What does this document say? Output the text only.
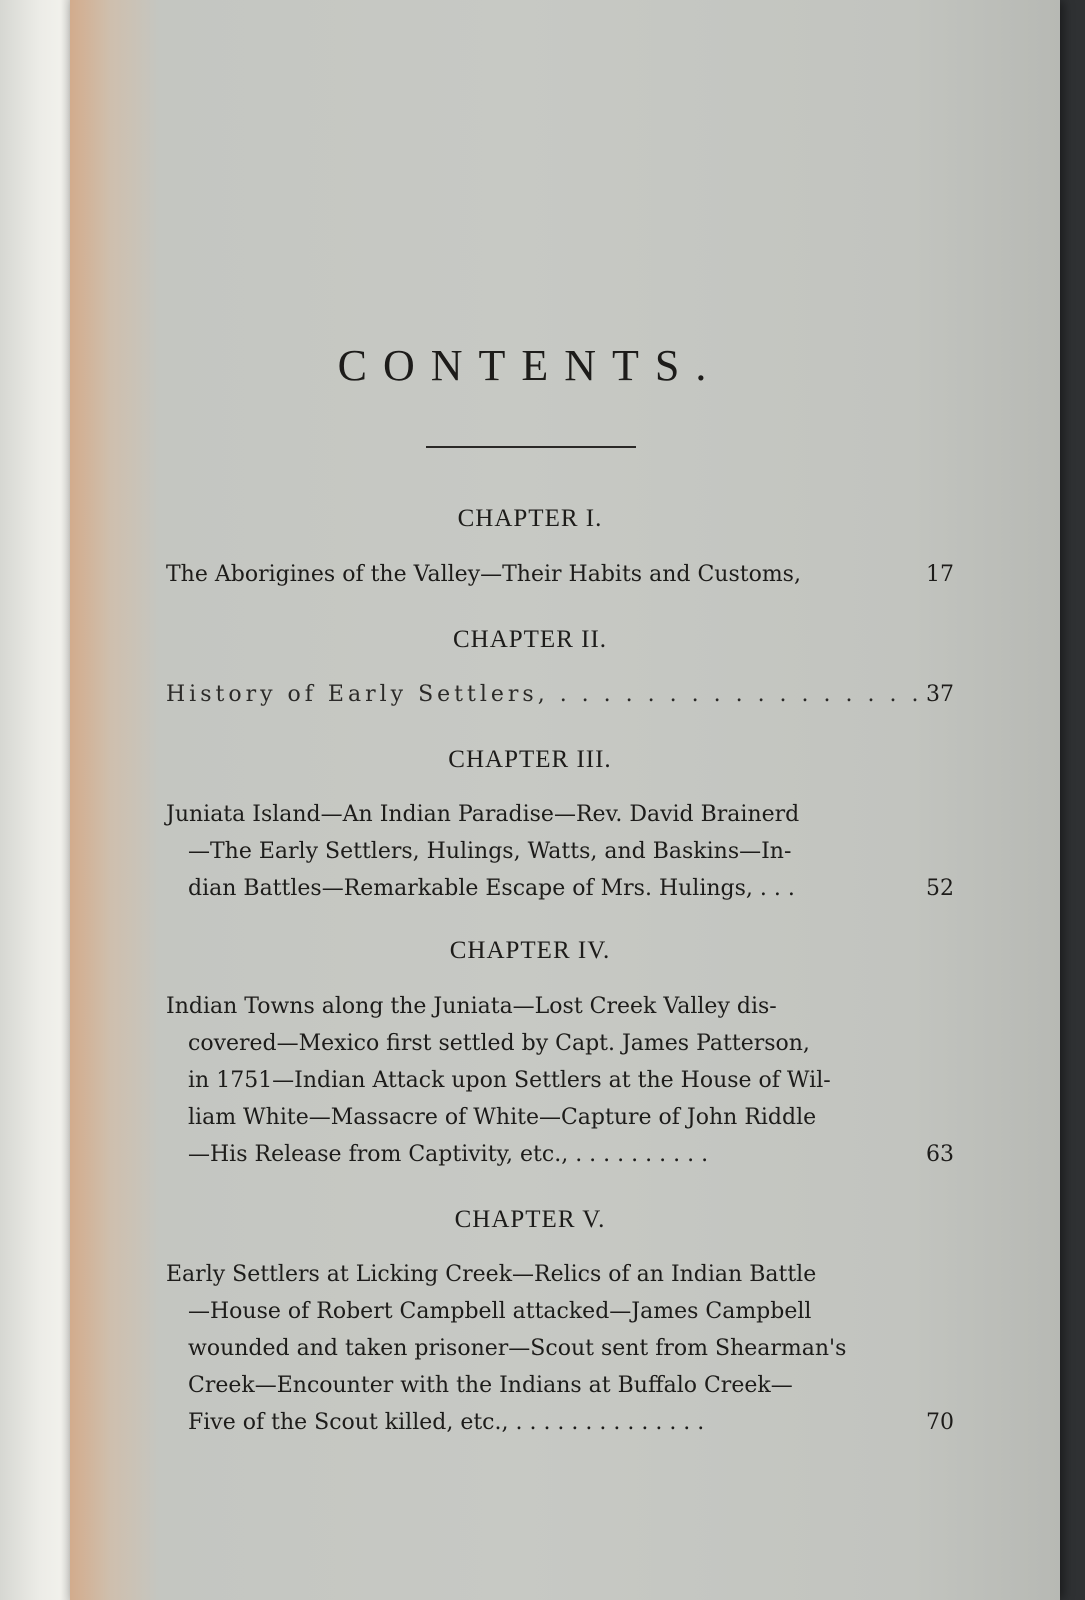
CONTENTS.
CHAPTER I.
The Aborigines of the Valley—Their Habits and Customs,	17
CHAPTER II.
History of Early Settlers, . . . . . . . . . . . . . . . . . 37
CHAPTER III.
Juniata Island—An Indian Paradise—Rev. David Brainerd
—The Early Settlers, Hulings, Watts, and Baskins—In-
dian Battles—Remarkable Escape of Mrs. Hulings, . . .	52
CHAPTER IV.
Indian Towns along the Juniata—Lost Creek Valley dis-
covered—Mexico first settled by Capt. James Patterson,
in 1751—Indian Attack upon Settlers at the House of Wil-
liam White—Massacre of White—Capture of John Riddle
—His Release from Captivity, etc., . . . . . . . . . .	63
CHAPTER V.
Early Settlers at Licking Creek—Relics of an Indian Battle
—House of Robert Campbell attacked—James Campbell
wounded and taken prisoner—Scout sent from Shearman's
Creek—Encounter with the Indians at Buffalo Creek—
Five of the Scout killed, etc., . . . . . . . . . . . . . .	70
